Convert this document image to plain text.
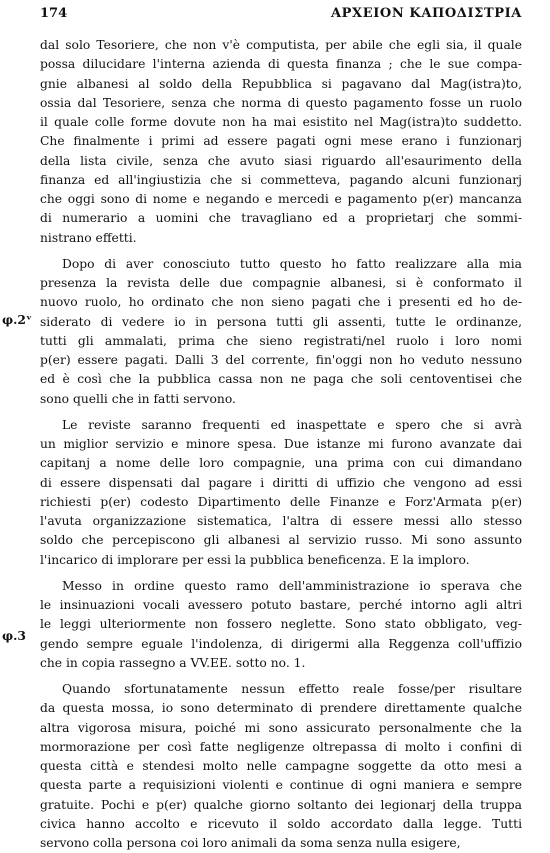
174	ΑΡΧΕΙΟΝ ΚΑΠΟΔΙΣΤΡΙΑ
φ.2ᵛ
φ.3
dal solo Tesoriere, che non v'è computista, per abile che egli sia, il quale
possa dilucidare l'interna azienda di questa finanza ; che le sue compa-
gnie albanesi al soldo della Repubblica si pagavano dal Mag(istra)to,
ossia dal Tesoriere, senza che norma di questo pagamento fosse un ruolo
il quale colle forme dovute non ha mai esistito nel Mag(istra)to suddetto.
Che finalmente i primi ad essere pagati ogni mese erano i funzionarj
della lista civile, senza che avuto siasi riguardo all'esaurimento della
finanza ed all'ingiustizia che si commetteva, pagando alcuni funzionarj
che oggi sono di nome e negando e mercedi e pagamento p(er) mancanza
di numerario a uomini che travagliano ed a proprietarj che sommi-
nistrano effetti.
Dopo di aver conosciuto tutto questo ho fatto realizzare alla mia
presenza la revista delle due compagnie albanesi, si è conformato il
nuovo ruolo, ho ordinato che non sieno pagati che i presenti ed ho de-
siderato di vedere io in persona tutti gli assenti, tutte le ordinanze,
tutti gli ammalati, prima che sieno registrati/nel ruolo i loro nomi
p(er) essere pagati. Dalli 3 del corrente, fin'oggi non ho veduto nessuno
ed è così che la pubblica cassa non ne paga che soli centoventisei che
sono quelli che in fatti servono.
Le reviste saranno frequenti ed inaspettate e spero che si avrà
un miglior servizio e minore spesa. Due istanze mi furono avanzate dai
capitanj a nome delle loro compagnie, una prima con cui dimandano
di essere dispensati dal pagare i diritti di uffizio che vengono ad essi
richiesti p(er) codesto Dipartimento delle Finanze e Forz'Armata p(er)
l'avuta organizzazione sistematica, l'altra di essere messi allo stesso
soldo che percepiscono gli albanesi al servizio russo. Mi sono assunto
l'incarico di implorare per essi la pubblica beneficenza. E la imploro.
Messo in ordine questo ramo dell'amministrazione io sperava che
le insinuazioni vocali avessero potuto bastare, perché intorno agli altri
le leggi ulteriormente non fossero neglette. Sono stato obbligato, veg-
gendo sempre eguale l'indolenza, di dirigermi alla Reggenza coll'uffizio
che in copia rassegno a VV.EE. sotto no. 1.
Quando sfortunatamente nessun effetto reale fosse/per risultare
da questa mossa, io sono determinato di prendere direttamente qualche
altra vigorosa misura, poiché mi sono assicurato personalmente che la
mormorazione per così fatte negligenze oltrepassa di molto i confini di
questa città e stendesi molto nelle campagne soggette da otto mesi a
questa parte a requisizioni violenti e continue di ogni maniera e sempre
gratuite. Pochi e p(er) qualche giorno soltanto dei legionarj della truppa
civica hanno accolto e ricevuto il soldo accordato dalla legge. Tutti
servono colla persona coi loro animali da soma senza nulla esigere,
